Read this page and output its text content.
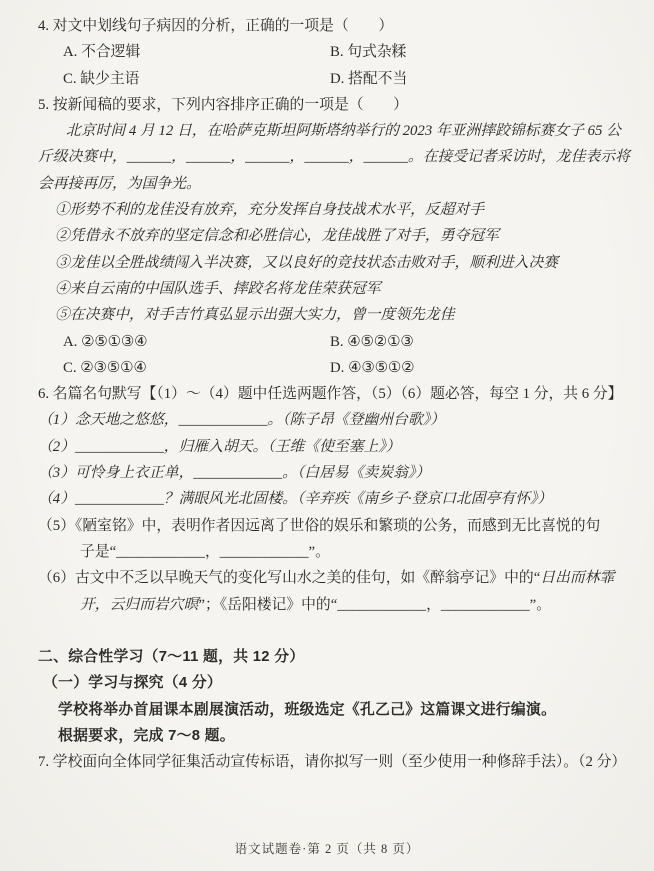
4. 对文中划线句子病因的分析，正确的一项是（　　）
A. 不合逻辑	B. 句式杂糅
C. 缺少主语	D. 搭配不当
5. 按新闻稿的要求，下列内容排序正确的一项是（　　）
北京时间 4 月 12 日，在哈萨克斯坦阿斯塔纳举行的 2023 年亚洲摔跤锦标赛女子 65 公
斤级决赛中，______，______，______，______，______。在接受记者采访时，龙佳表示将
会再接再厉，为国争光。
①形势不利的龙佳没有放弃，充分发挥自身技战术水平，反超对手
②凭借永不放弃的坚定信念和必胜信心，龙佳战胜了对手，勇夺冠军
③龙佳以全胜战绩闯入半决赛，又以良好的竞技状态击败对手，顺利进入决赛
④来自云南的中国队选手、摔跤名将龙佳荣获冠军
⑤在决赛中，对手吉竹真弘显示出强大实力，曾一度领先龙佳
A. ②⑤①③④	B. ④⑤②①③
C. ②③⑤①④	D. ④③⑤①②
6. 名篇名句默写【（1）～（4）题中任选两题作答，（5）（6）题必答，每空 1 分，共 6 分】
（1）念天地之悠悠，____________。（陈子昂《登幽州台歌》）
（2）____________，归雁入胡天。（王维《使至塞上》）
（3）可怜身上衣正单，____________。（白居易《卖炭翁》）
（4）____________？满眼风光北固楼。（辛弃疾《南乡子·登京口北固亭有怀》）
（5）《陋室铭》中，表明作者因远离了世俗的娱乐和繁琐的公务，而感到无比喜悦的句
子是“____________，____________”。
（6）古文中不乏以早晚天气的变化写山水之美的佳句，如《醉翁亭记》中的“日出而林霏
开，云归而岩穴暝”；《岳阳楼记》中的“____________，____________”。
二、综合性学习（7～11 题，共 12 分）
（一）学习与探究（4 分）
学校将举办首届课本剧展演活动，班级选定《孔乙己》这篇课文进行编演。
根据要求，完成 7～8 题。
7. 学校面向全体同学征集活动宣传标语，请你拟写一则（至少使用一种修辞手法）。（2 分）
语文试题卷·第 2 页（共 8 页）
